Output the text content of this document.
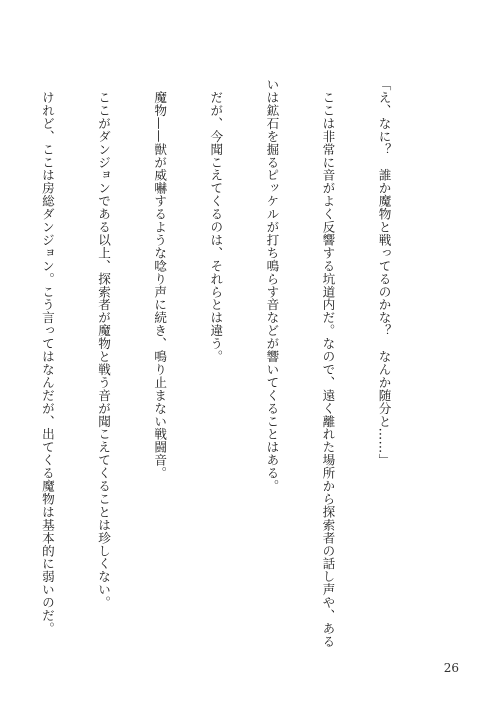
「え、なに？　誰か魔物と戦ってるのかな？　なんか随分と……」

　ここは非常に音がよく反響する坑道内だ。なので、遠く離れた場所から探索者の話し声や、ある

いは鉱石を掘るピッケルが打ち鳴らす音などが響いてくることはある。

　だが、今聞こえてくるのは、それらとは違う。

　魔物——獣が威嚇するような唸り声に続き、鳴り止まない戦闘音。

　ここがダンジョンである以上、探索者が魔物と戦う音が聞こえてくることは珍しくない。

　けれど、ここは房総ダンジョン。こう言ってはなんだが、出てくる魔物は基本的に弱いのだ。

26
